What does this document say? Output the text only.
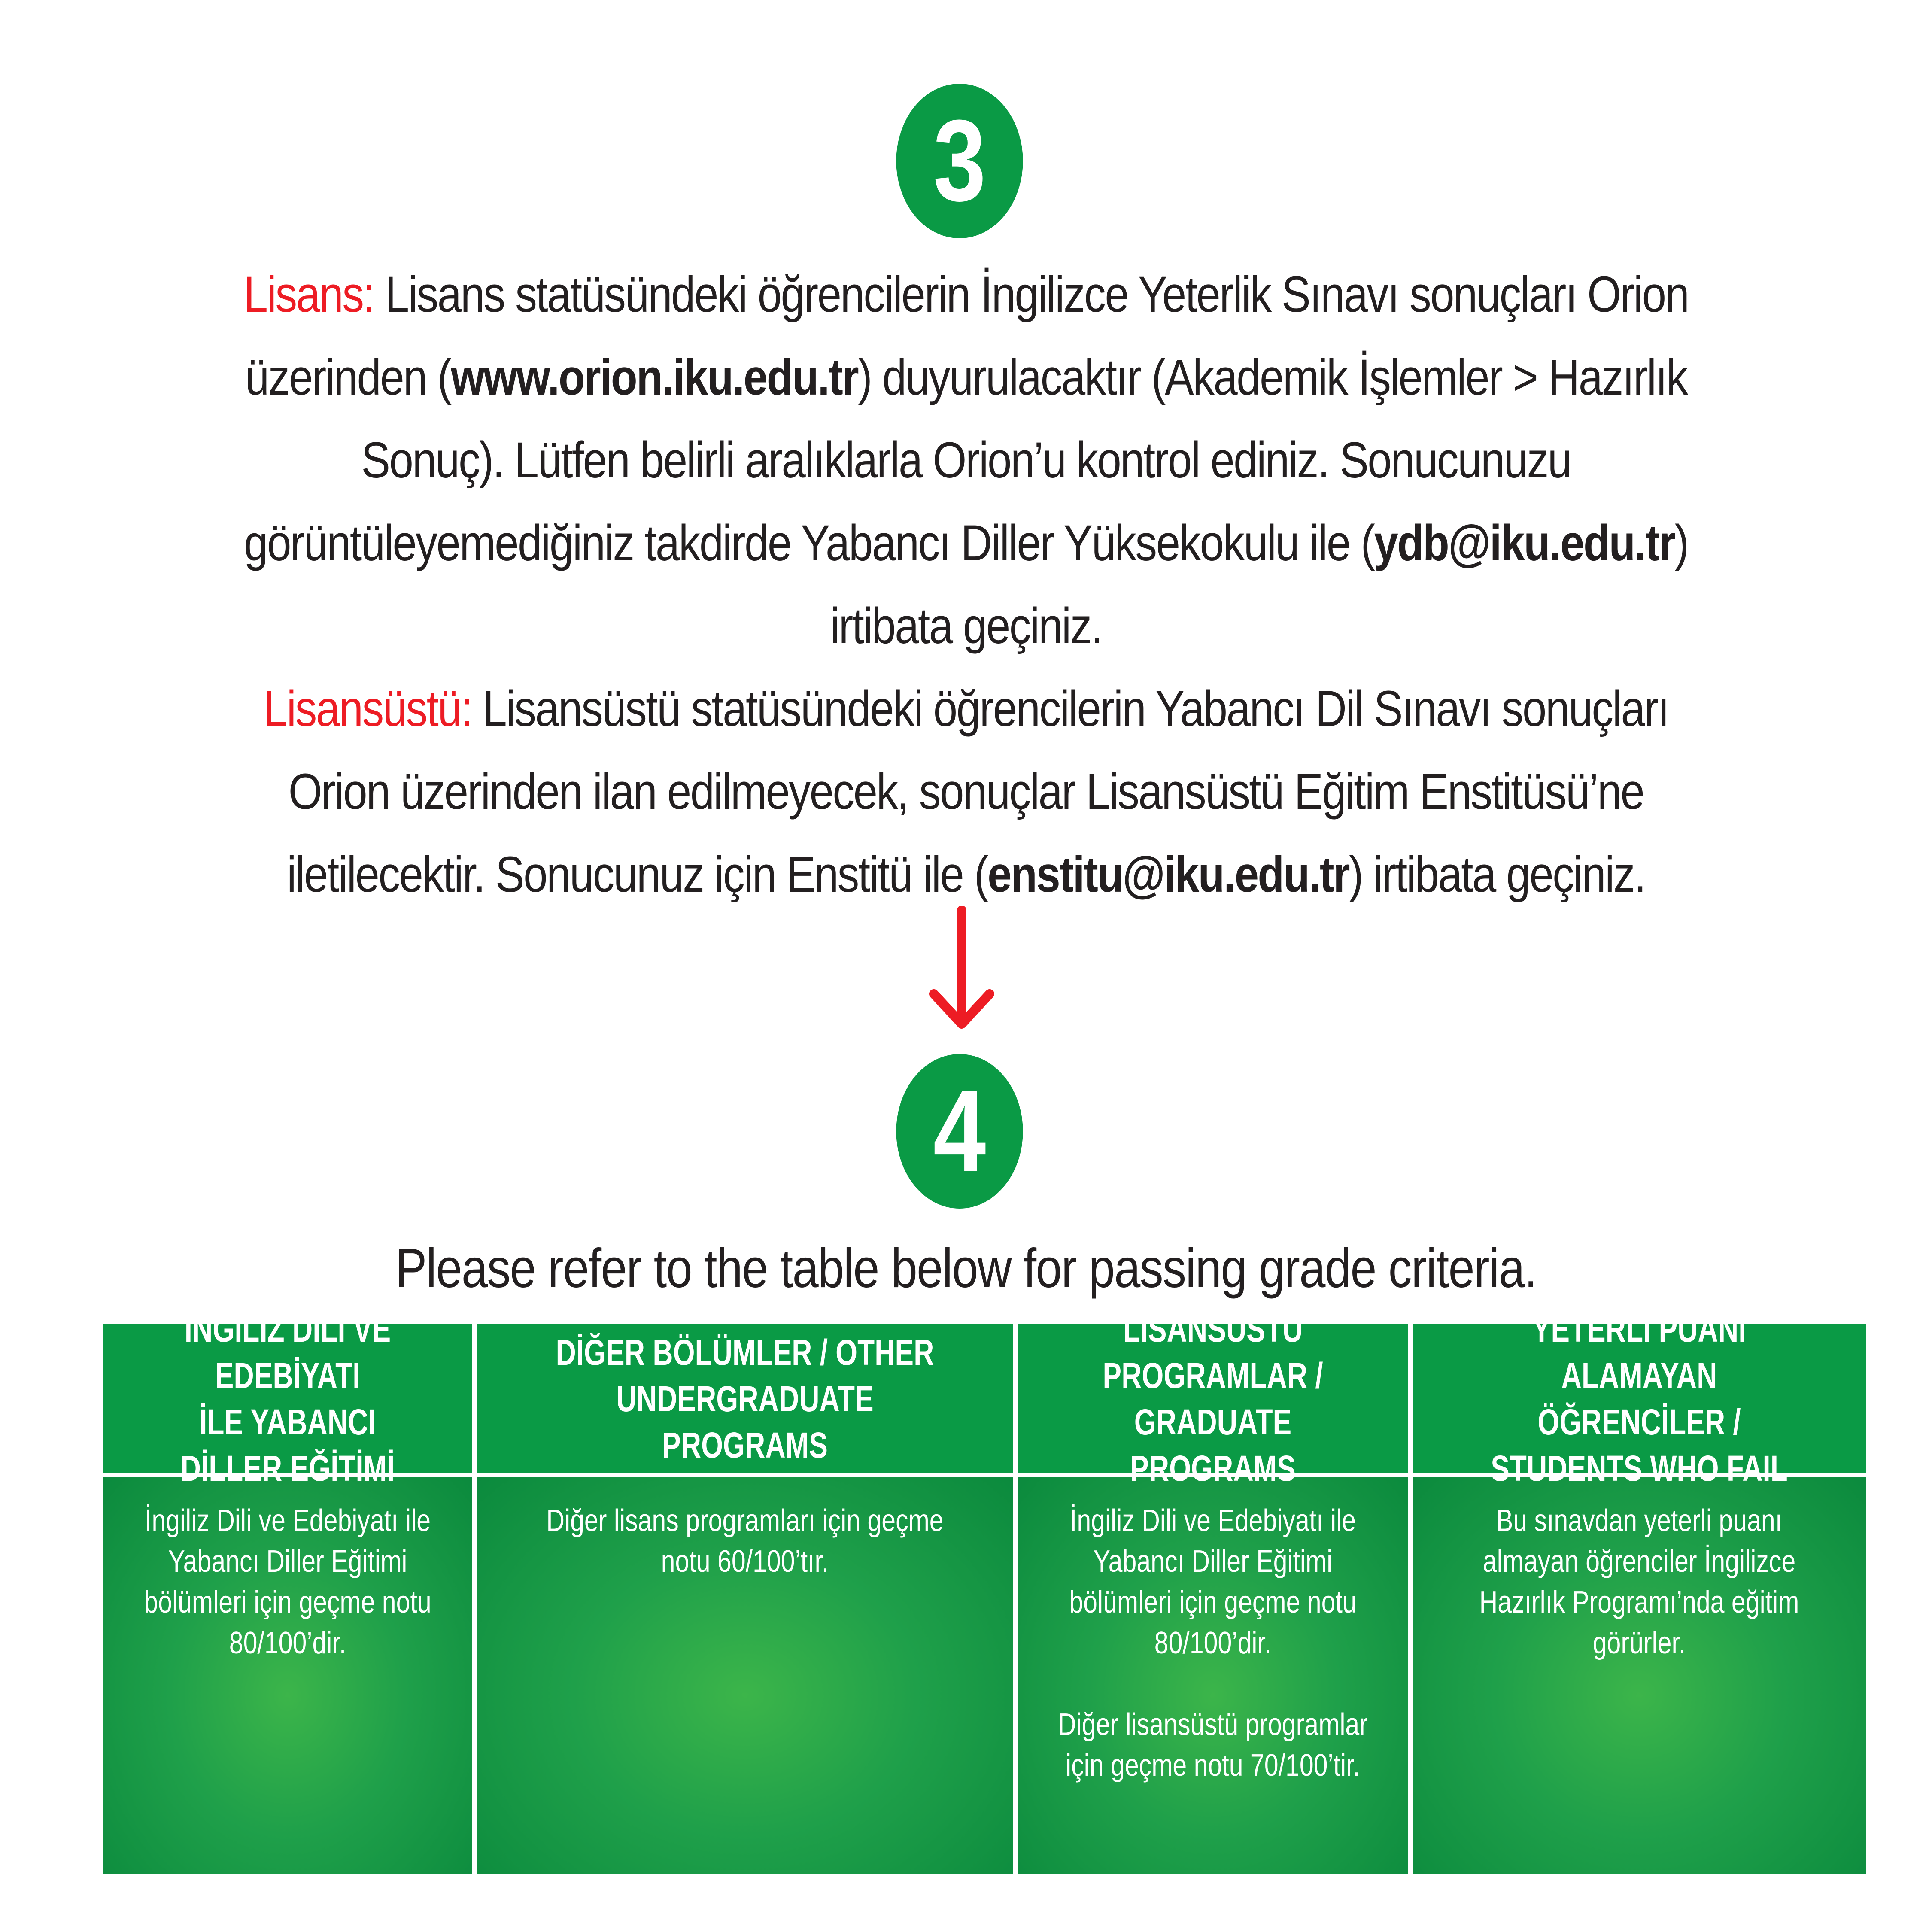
3

Lisans: Lisans statüsündeki öğrencilerin İngilizce Yeterlik Sınavı sonuçları Orion üzerinden (www.orion.iku.edu.tr) duyurulacaktır (Akademik İşlemler > Hazırlık Sonuç). Lütfen belirli aralıklarla Orion’u kontrol ediniz. Sonucunuzu görüntüleyemediğiniz takdirde Yabancı Diller Yüksekokulu ile (ydb@iku.edu.tr) irtibata geçiniz.

Lisansüstü: Lisansüstü statüsündeki öğrencilerin Yabancı Dil Sınavı sonuçları Orion üzerinden ilan edilmeyecek, sonuçlar Lisansüstü Eğitim Enstitüsü’ne iletilecektir. Sonucunuz için Enstitü ile (enstitu@iku.edu.tr) irtibata geçiniz.

4
Please refer to the table below for passing grade criteria.
İNGİLİZ DİLİ VE EDEBİYATI
İLE YABANCI DİLLER EĞİTİMİ
DİĞER BÖLÜMLER / OTHER
UNDERGRADUATE PROGRAMS
LİSANSÜSTÜ PROGRAMLAR /
GRADUATE PROGRAMS
YETERLİ PUANI ALAMAYAN
ÖĞRENCİLER / STUDENTS WHO FAIL

İngiliz Dili ve Edebiyatı ile
Yabancı Diller Eğitimi
bölümleri için geçme notu
80/100’dir.

Diğer lisans programları için geçme
notu 60/100’tır.

İngiliz Dili ve Edebiyatı ile
Yabancı Diller Eğitimi
bölümleri için geçme notu
80/100’dir.

Diğer lisansüstü programlar
için geçme notu 70/100’tir.

Bu sınavdan yeterli puanı
almayan öğrenciler İngilizce
Hazırlık Programı’nda eğitim
görürler.
